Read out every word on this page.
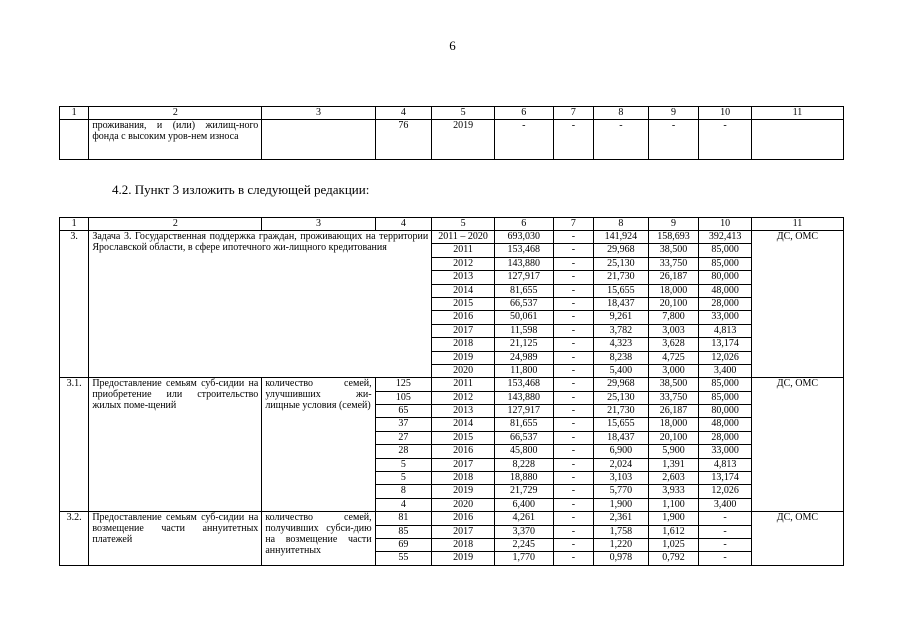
6
1	2	3	4	5	6	7	8	9	10	11
	проживания, и (или) жилищ-ного фонда с высоким уров-нем износа		76	2019	-	-	-	-	-	
4.2. Пункт 3 изложить в следующей редакции:
1	2	3	4	5	6	7	8	9	10	11
3.	Задача 3. Государственная поддержка граждан, проживающих на территории Ярославской области, в сфере ипотечного жи-лищного кредитования			2011 – 2020	693,030	-	141,924	158,693	392,413	ДС, ОМС
				2011	153,468	-	29,968	38,500	85,000	
				2012	143,880	-	25,130	33,750	85,000	
				2013	127,917	-	21,730	26,187	80,000	
				2014	81,655	-	15,655	18,000	48,000	
				2015	66,537	-	18,437	20,100	28,000	
				2016	50,061	-	9,261	7,800	33,000	
				2017	11,598	-	3,782	3,003	4,813	
				2018	21,125	-	4,323	3,628	13,174	
				2019	24,989	-	8,238	4,725	12,026	
				2020	11,800	-	5,400	3,000	3,400	
3.1.	Предоставление семьям суб-сидии на приобретение или строительство жилых поме-щений	количество семей, улучшивших жи-лищные условия (семей)	125	2011	153,468	-	29,968	38,500	85,000	ДС, ОМС
			105	2012	143,880	-	25,130	33,750	85,000	
			65	2013	127,917	-	21,730	26,187	80,000	
			37	2014	81,655	-	15,655	18,000	48,000	
			27	2015	66,537	-	18,437	20,100	28,000	
			28	2016	45,800	-	6,900	5,900	33,000	
			5	2017	8,228	-	2,024	1,391	4,813	
			5	2018	18,880	-	3,103	2,603	13,174	
			8	2019	21,729	-	5,770	3,933	12,026	
			4	2020	6,400	-	1,900	1,100	3,400	
3.2.	Предоставление семьям суб-сидии на возмещение части аннуитетных платежей	количество семей, получивших субси-дию на возмещение части аннуитетных	81	2016	4,261	-	2,361	1,900	-	ДС, ОМС
			85	2017	3,370	-	1,758	1,612	-	
			69	2018	2,245	-	1,220	1,025	-	
			55	2019	1,770	-	0,978	0,792	-	
